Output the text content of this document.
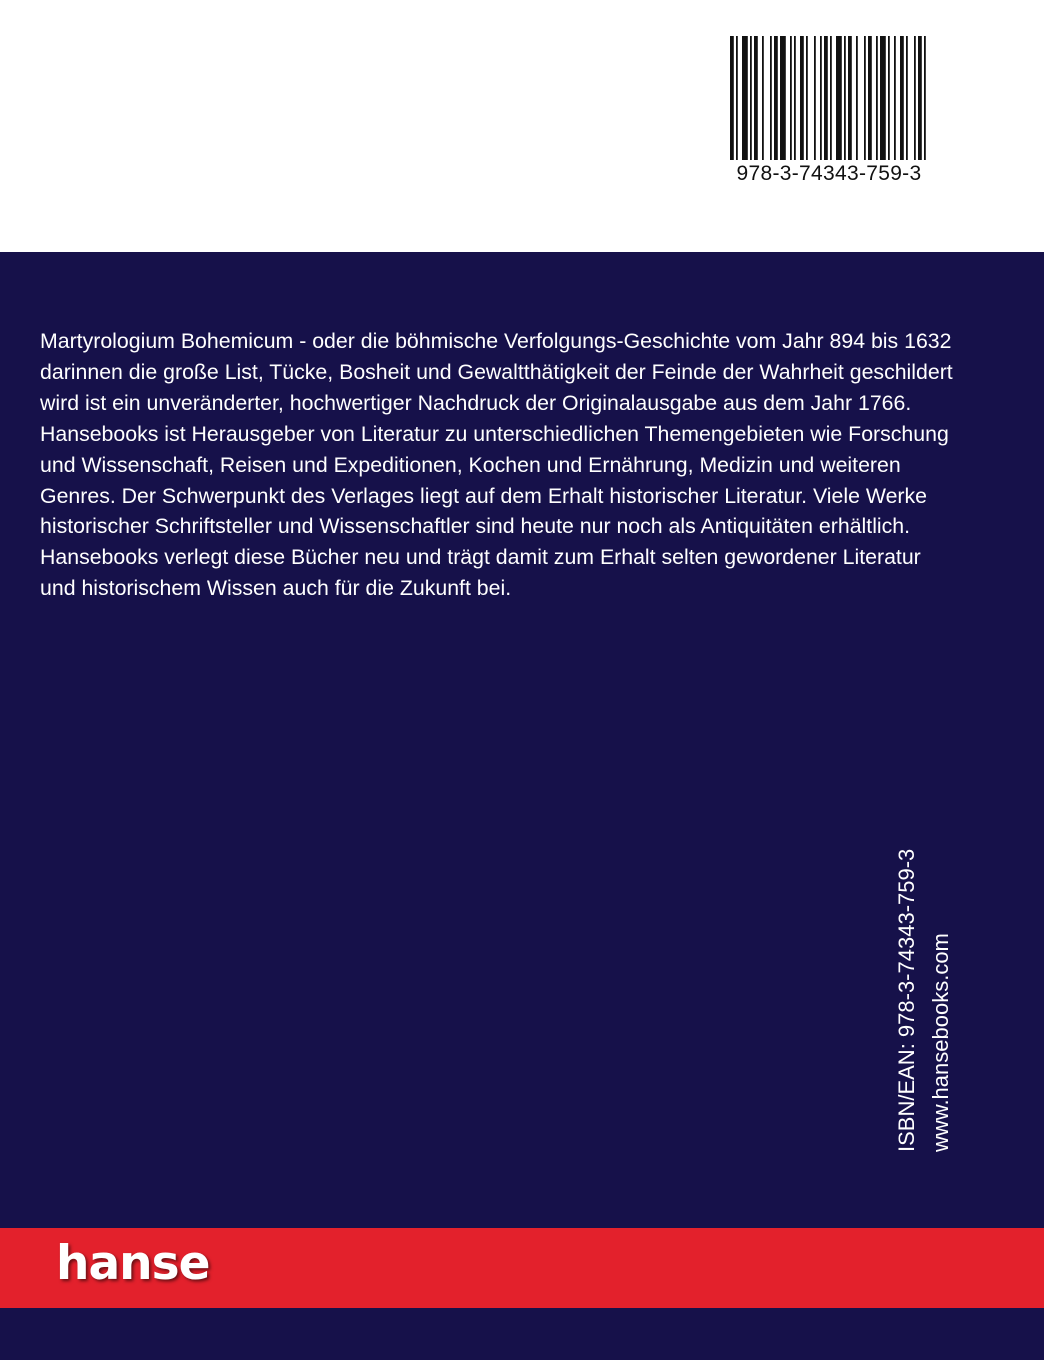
978-3-74343-759-3

Martyrologium Bohemicum - oder die böhmische Verfolgungs-Geschichte vom Jahr 894 bis 1632 darinnen die große List, Tücke, Bosheit und Gewaltthätigkeit der Feinde der Wahrheit geschildert wird ist ein unveränderter, hochwertiger Nachdruck der Originalausgabe aus dem Jahr 1766.

Hansebooks ist Herausgeber von Literatur zu unterschiedlichen Themengebieten wie Forschung und Wissenschaft, Reisen und Expeditionen, Kochen und Ernährung, Medizin und weiteren Genres. Der Schwerpunkt des Verlages liegt auf dem Erhalt historischer Literatur. Viele Werke historischer Schriftsteller und Wissenschaftler sind heute nur noch als Antiquitäten erhältlich. Hansebooks verlegt diese Bücher neu und trägt damit zum Erhalt selten gewordener Literatur und historischem Wissen auch für die Zukunft bei.

ISBN/EAN: 978-3-74343-759-3 www.hansebooks.com
hanse
